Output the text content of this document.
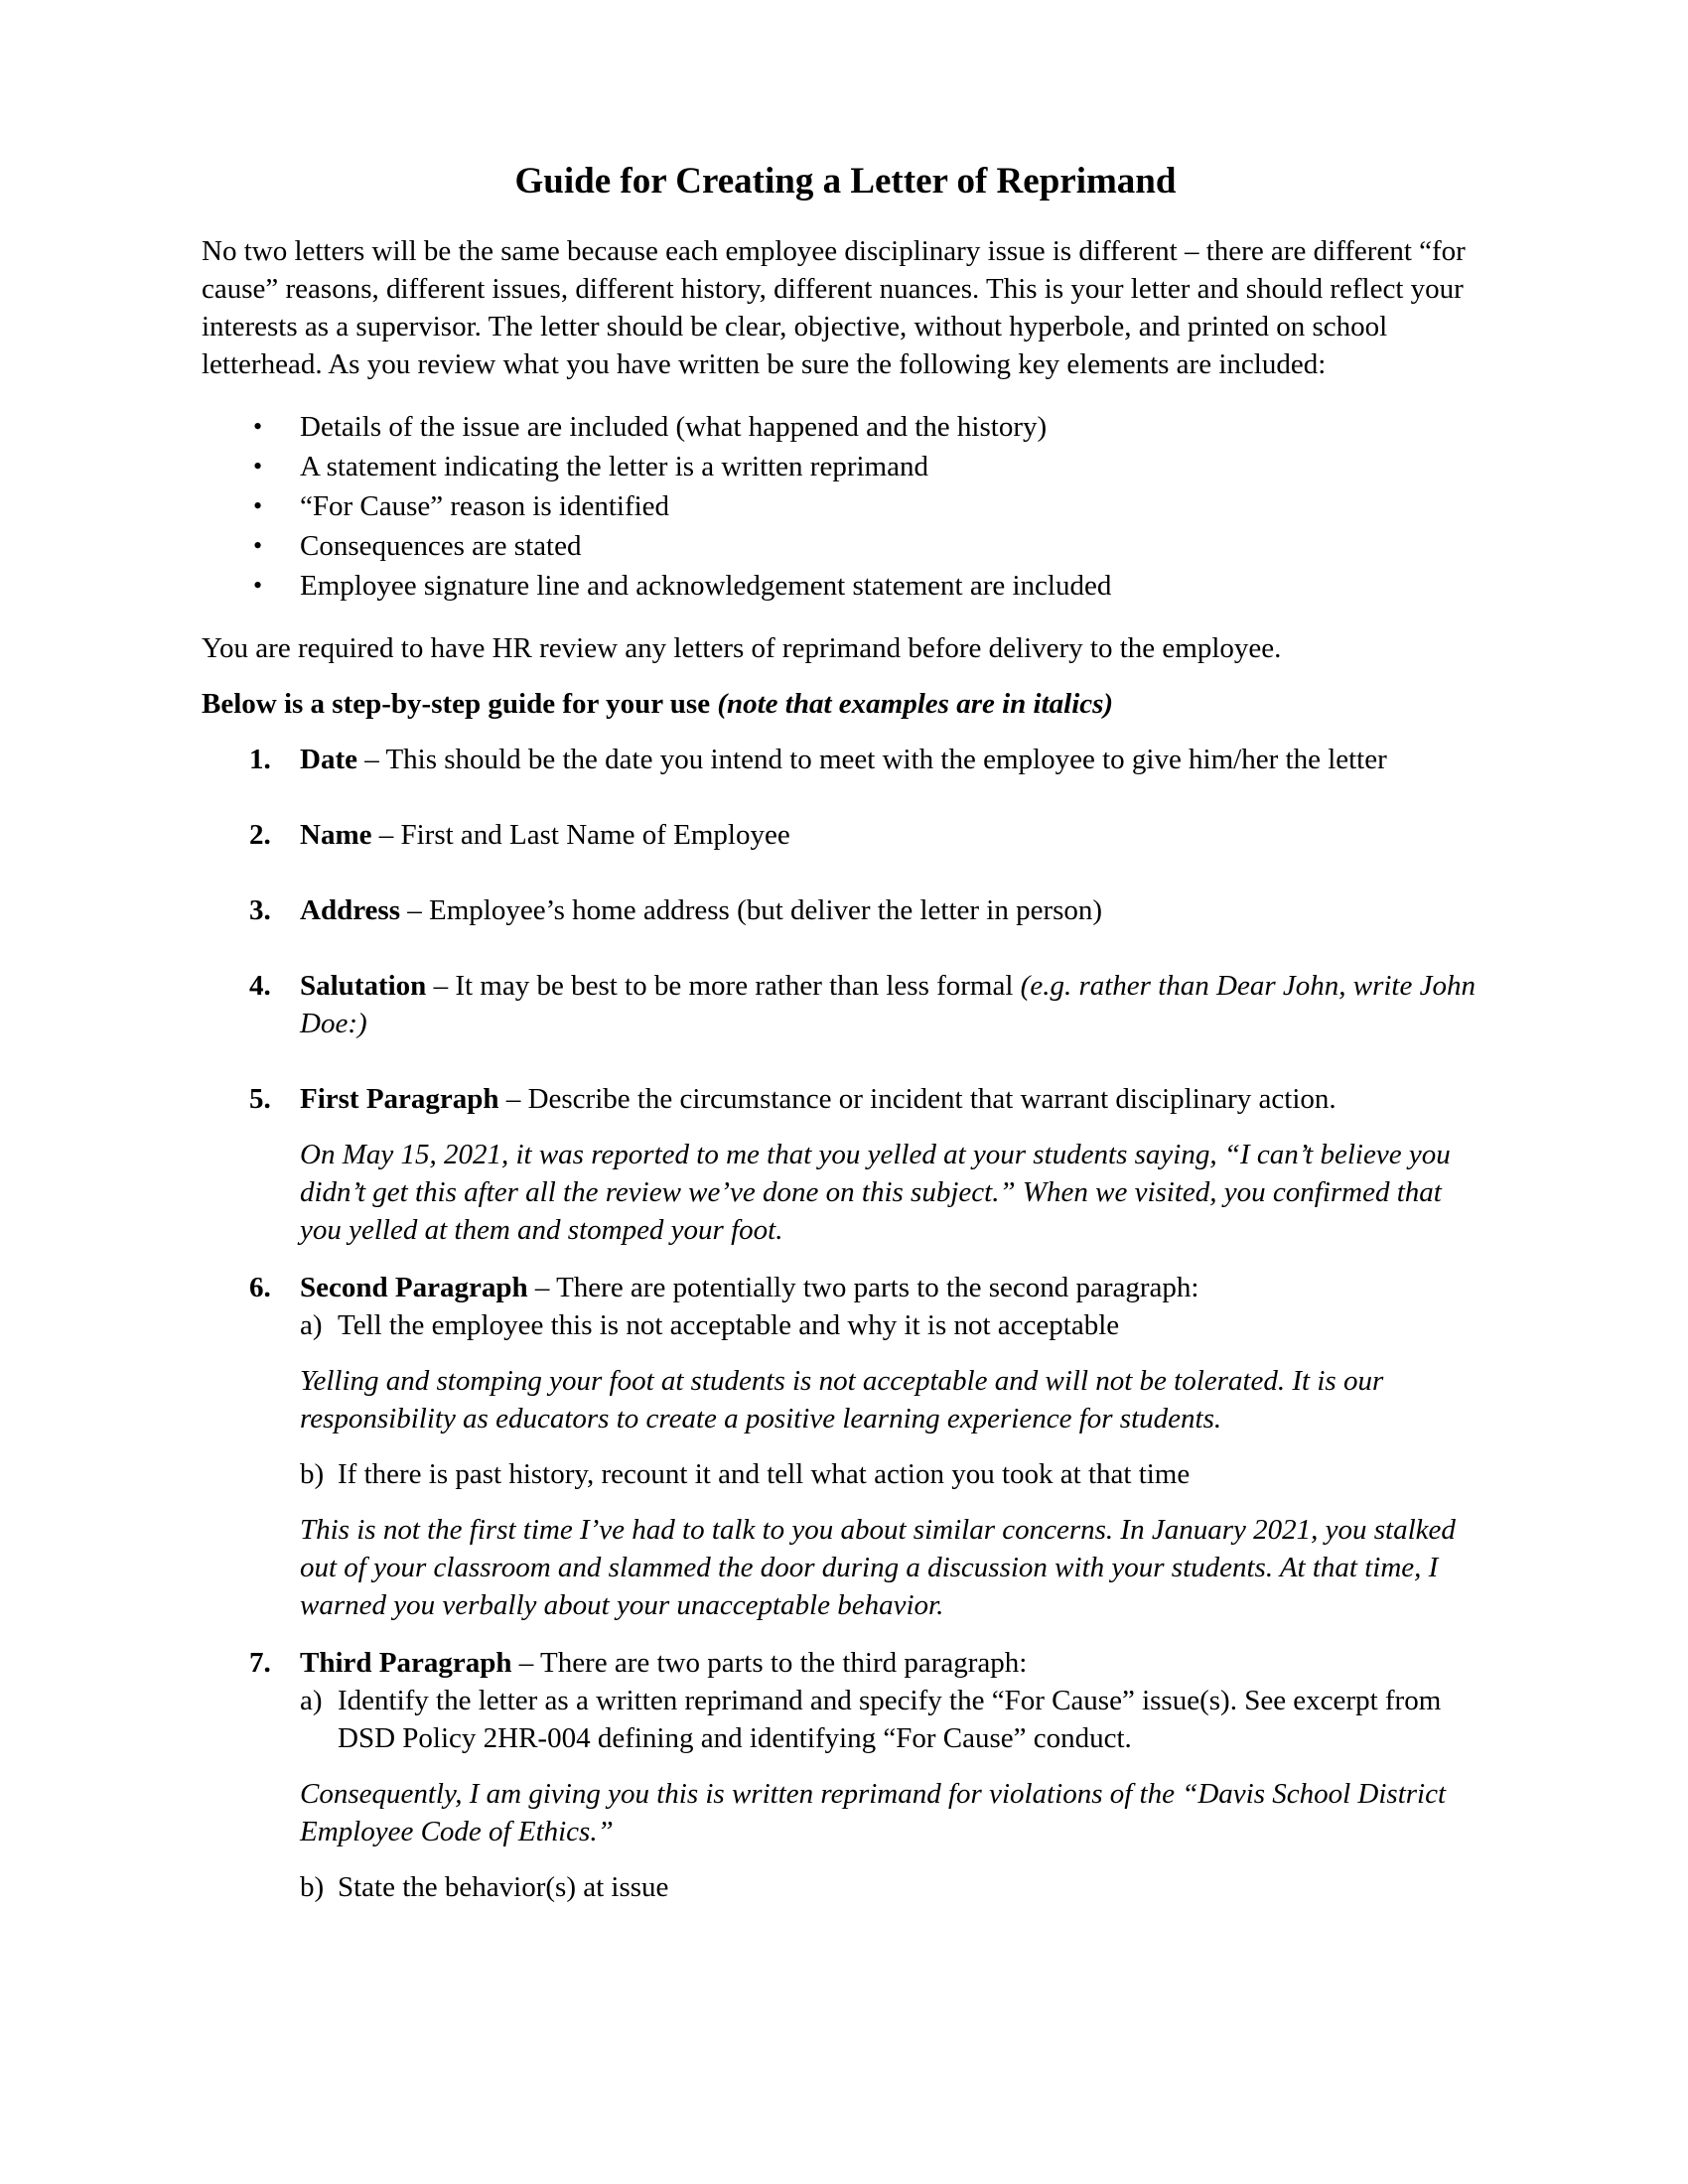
Guide for Creating a Letter of Reprimand

No two letters will be the same because each employee disciplinary issue is different – there are different “for cause” reasons, different issues, different history, different nuances. This is your letter and should reflect your interests as a supervisor. The letter should be clear, objective, without hyperbole, and printed on school letterhead. As you review what you have written be sure the following key elements are included:

• Details of the issue are included (what happened and the history)
• A statement indicating the letter is a written reprimand
• “For Cause” reason is identified
• Consequences are stated
• Employee signature line and acknowledgement statement are included

You are required to have HR review any letters of reprimand before delivery to the employee.

Below is a step-by-step guide for your use (note that examples are in italics)

1. Date – This should be the date you intend to meet with the employee to give him/her the letter
2. Name – First and Last Name of Employee
3. Address – Employee’s home address (but deliver the letter in person)
4. Salutation – It may be best to be more rather than less formal (e.g. rather than Dear John, write John Doe:)
5. First Paragraph – Describe the circumstance or incident that warrant disciplinary action.

On May 15, 2021, it was reported to me that you yelled at your students saying, “I can’t believe you didn’t get this after all the review we’ve done on this subject.” When we visited, you confirmed that you yelled at them and stomped your foot.

6. Second Paragraph – There are potentially two parts to the second paragraph:
a) Tell the employee this is not acceptable and why it is not acceptable

Yelling and stomping your foot at students is not acceptable and will not be tolerated. It is our responsibility as educators to create a positive learning experience for students.

b) If there is past history, recount it and tell what action you took at that time

This is not the first time I’ve had to talk to you about similar concerns. In January 2021, you stalked out of your classroom and slammed the door during a discussion with your students. At that time, I warned you verbally about your unacceptable behavior.

7. Third Paragraph – There are two parts to the third paragraph:
a) Identify the letter as a written reprimand and specify the “For Cause” issue(s). See excerpt from DSD Policy 2HR-004 defining and identifying “For Cause” conduct.

Consequently, I am giving you this is written reprimand for violations of the “Davis School District Employee Code of Ethics.”

b) State the behavior(s) at issue
